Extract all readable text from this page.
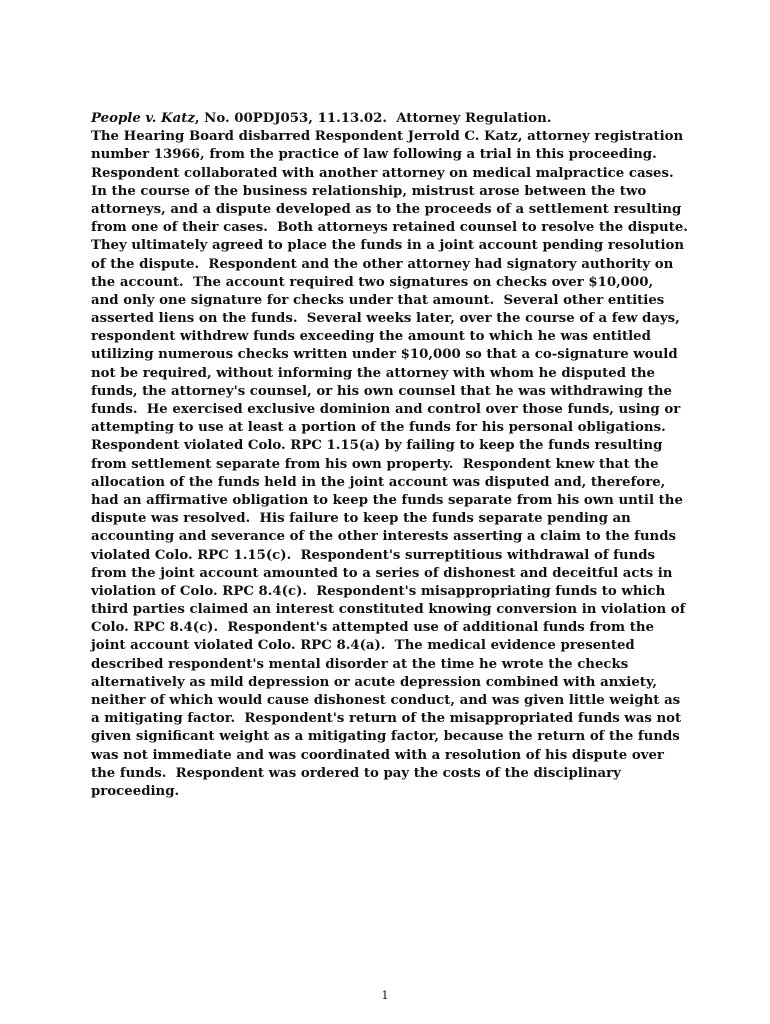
People v. Katz, No. 00PDJ053, 11.13.02.  Attorney Regulation.
The Hearing Board disbarred Respondent Jerrold C. Katz, attorney registration
number 13966, from the practice of law following a trial in this proceeding.
Respondent collaborated with another attorney on medical malpractice cases.
In the course of the business relationship, mistrust arose between the two
attorneys, and a dispute developed as to the proceeds of a settlement resulting
from one of their cases.  Both attorneys retained counsel to resolve the dispute.
They ultimately agreed to place the funds in a joint account pending resolution
of the dispute.  Respondent and the other attorney had signatory authority on
the account.  The account required two signatures on checks over $10,000,
and only one signature for checks under that amount.  Several other entities
asserted liens on the funds.  Several weeks later, over the course of a few days,
respondent withdrew funds exceeding the amount to which he was entitled
utilizing numerous checks written under $10,000 so that a co-signature would
not be required, without informing the attorney with whom he disputed the
funds, the attorney's counsel, or his own counsel that he was withdrawing the
funds.  He exercised exclusive dominion and control over those funds, using or
attempting to use at least a portion of the funds for his personal obligations.
Respondent violated Colo. RPC 1.15(a) by failing to keep the funds resulting
from settlement separate from his own property.  Respondent knew that the
allocation of the funds held in the joint account was disputed and, therefore,
had an affirmative obligation to keep the funds separate from his own until the
dispute was resolved.  His failure to keep the funds separate pending an
accounting and severance of the other interests asserting a claim to the funds
violated Colo. RPC 1.15(c).  Respondent's surreptitious withdrawal of funds
from the joint account amounted to a series of dishonest and deceitful acts in
violation of Colo. RPC 8.4(c).  Respondent's misappropriating funds to which
third parties claimed an interest constituted knowing conversion in violation of
Colo. RPC 8.4(c).  Respondent's attempted use of additional funds from the
joint account violated Colo. RPC 8.4(a).  The medical evidence presented
described respondent's mental disorder at the time he wrote the checks
alternatively as mild depression or acute depression combined with anxiety,
neither of which would cause dishonest conduct, and was given little weight as
a mitigating factor.  Respondent's return of the misappropriated funds was not
given significant weight as a mitigating factor, because the return of the funds
was not immediate and was coordinated with a resolution of his dispute over
the funds.  Respondent was ordered to pay the costs of the disciplinary
proceeding.
1
